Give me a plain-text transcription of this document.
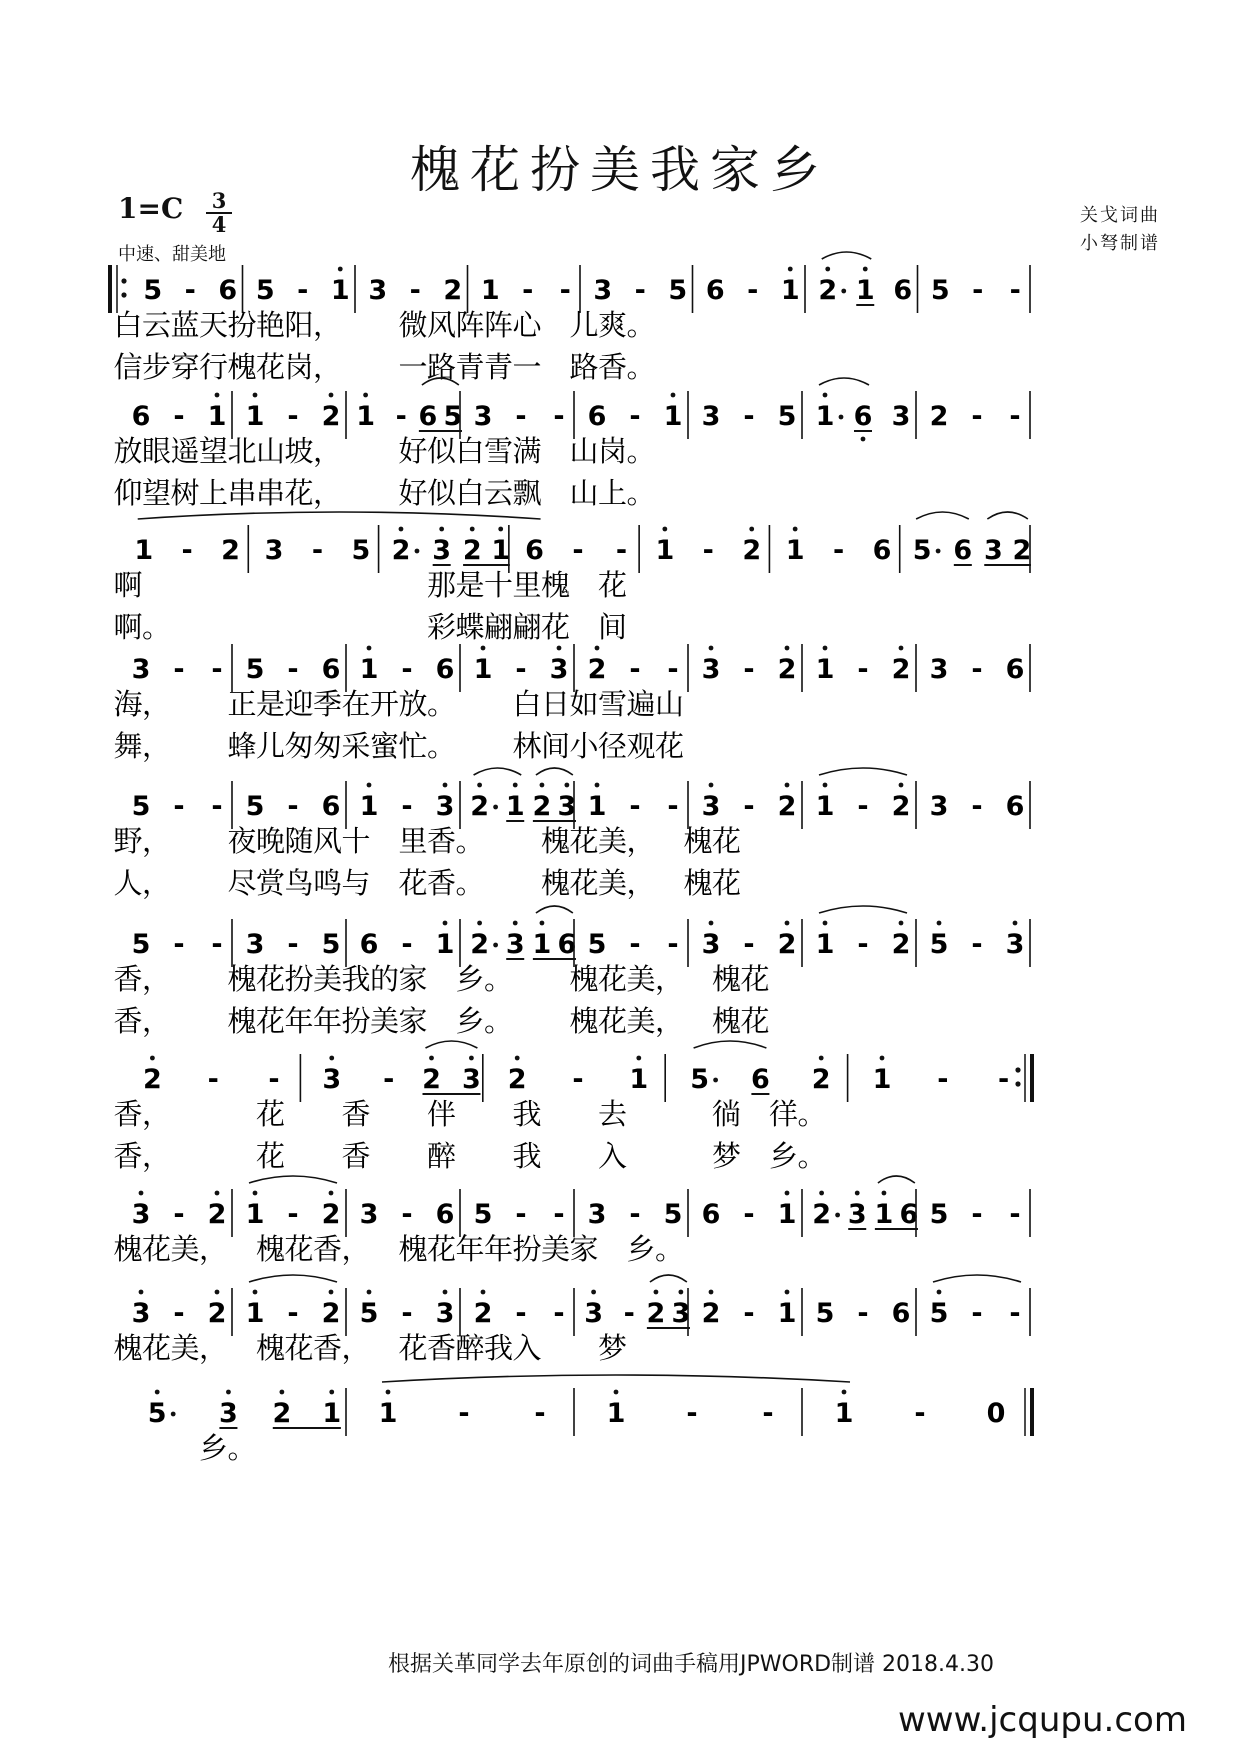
槐花扮美我家乡
1=C 3
4
中速、甜美地
关戈词曲
小弩制谱
5 - 6 5 - 1 3 - 2 1 - - 3 - 5 6 - 1 2 1 6 5 - -
白 云 蓝 天 扮 艳 阳 ， 微 风 阵 阵 心 儿 爽 。
信 步 穿 行 槐 花 岗 ， 一 路 青 青 一 路 香 。
6 - 1 1 - 2 1 - 6 5 3 - - 6 - 1 3 - 5 1 6 3 2 - -
放 眼 遥 望 北 山 坡 ， 好 似 白 雪 满 山 岗 。
仰 望 树 上 串 串 花 ， 好 似 白 云 飘 山 上 。
1 - 2 3 - 5 2 3 2 1 6 - - 1 - 2 1 - 6 5 6 3 2
啊	那 是 十 里 槐 花
啊 。	彩 蝶 翩 翩 花 间
3 - - 5 - 6 1 - 6 1 - 3 2 - - 3 - 2 1 - 2 3 - 6
海 ， 正 是 迎 季 在 开 放 。 白 日 如 雪 遍 山
舞 ， 蜂 儿 匆 匆 采 蜜 忙 。 林 间 小 径 观 花
5 - - 5 - 6 1 - 3 2 1 2 3 1 - - 3 - 2 1 - 2 3 - 6
野 ， 夜 晚 随 风 十 里 香 。 槐 花 美 ， 槐 花
人 ， 尽 赏 鸟 鸣 与 花 香 。 槐 花 美 ， 槐 花
5 - - 3 - 5 6 - 1 2 3 1 6 5 - - 3 - 2 1 - 2 5 - 3
香 ， 槐 花 扮 美 我 的 家 乡 。 槐 花 美 ， 槐 花
香 ， 槐 花 年 年 扮 美 家 乡 。 槐 花 美 ， 槐 花
2 - - 3 - 2 3 2 - 1 5 6 2 1 - -
香 ，	花 香 伴 我 去	徜 徉 。
香 ，	花 香 醉 我 入	梦 乡 。
3 - 2 1 - 2 3 - 6 5 - - 3 - 5 6 - 1 2 3 1 6 5 - -
槐 花 美 ， 槐 花 香 ， 槐 花 年 年 扮 美 家 乡 。
3 - 2 1 - 2 5 - 3 2 - - 3 - 2 3 2 - 1 5 - 6 5 - -
槐 花 美 ， 槐 花 香 ， 花 香 醉 我 入 梦
5 3 2 1 1 - - 1 - - 1 - 0
乡 。
根据关革同学去年原创的词曲手稿用JPWORD制谱 2018.4.30
www.jcqupu.com
